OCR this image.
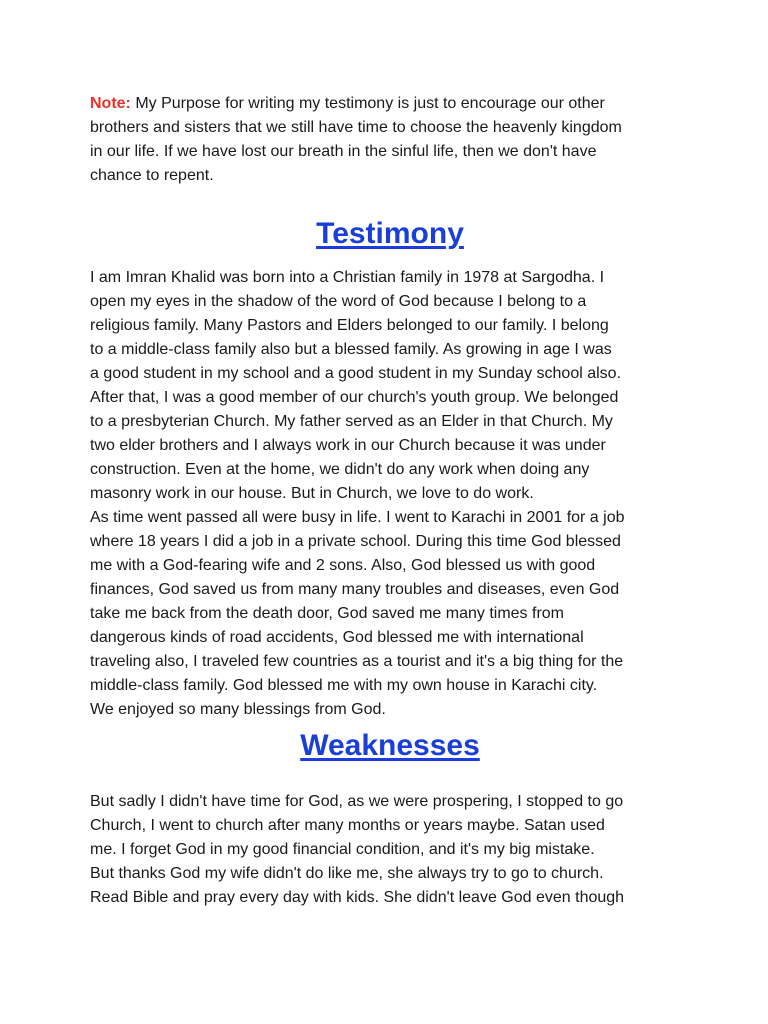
Note: My Purpose for writing my testimony is just to encourage our other
brothers and sisters that we still have time to choose the heavenly kingdom
in our life. If we have lost our breath in the sinful life, then we don't have
chance to repent.

Testimony

I am Imran Khalid was born into a Christian family in 1978 at Sargodha. I
open my eyes in the shadow of the word of God because I belong to a
religious family. Many Pastors and Elders belonged to our family. I belong
to a middle-class family also but a blessed family. As growing in age I was
a good student in my school and a good student in my Sunday school also.
After that, I was a good member of our church's youth group. We belonged
to a presbyterian Church. My father served as an Elder in that Church. My
two elder brothers and I always work in our Church because it was under
construction. Even at the home, we didn't do any work when doing any
masonry work in our house. But in Church, we love to do work.
As time went passed all were busy in life. I went to Karachi in 2001 for a job
where 18 years I did a job in a private school. During this time God blessed
me with a God-fearing wife and 2 sons. Also, God blessed us with good
finances, God saved us from many many troubles and diseases, even God
take me back from the death door, God saved me many times from
dangerous kinds of road accidents, God blessed me with international
traveling also, I traveled few countries as a tourist and it's a big thing for the
middle-class family. God blessed me with my own house in Karachi city.
We enjoyed so many blessings from God.

Weaknesses

But sadly I didn't have time for God, as we were prospering, I stopped to go
Church, I went to church after many months or years maybe. Satan used
me. I forget God in my good financial condition, and it's my big mistake.
But thanks God my wife didn't do like me, she always try to go to church.
Read Bible and pray every day with kids. She didn't leave God even though
